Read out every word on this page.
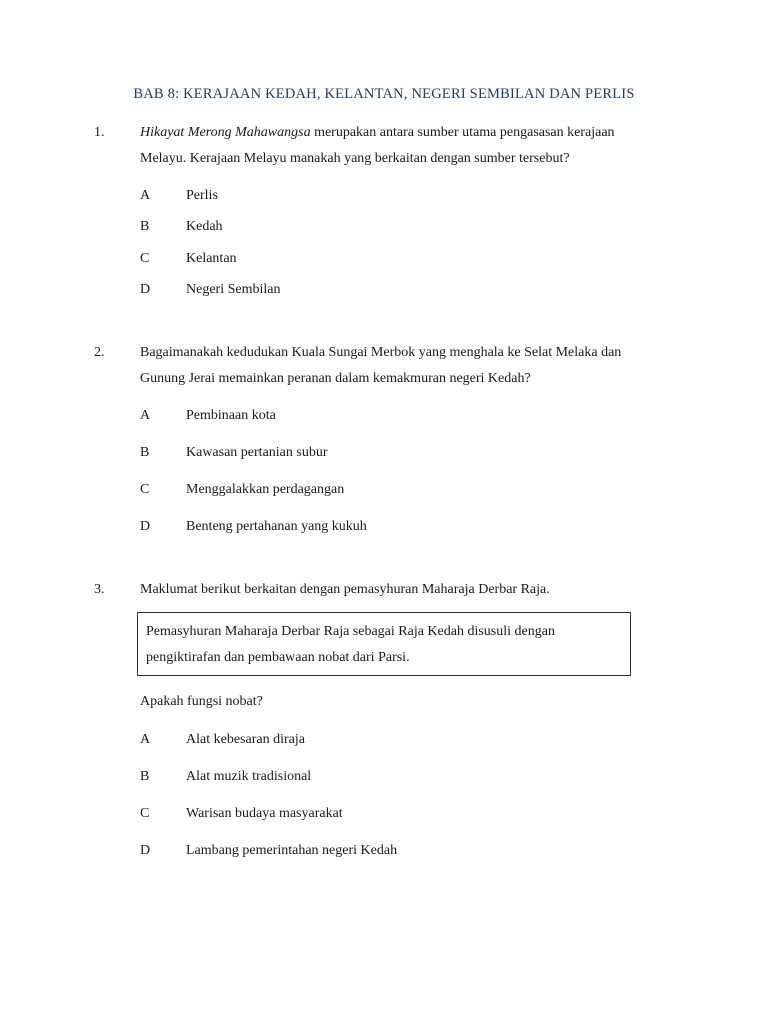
BAB 8: KERAJAAN KEDAH, KELANTAN, NEGERI SEMBILAN DAN PERLIS
1.	Hikayat Merong Mahawangsa merupakan antara sumber utama pengasasan kerajaan
Melayu. Kerajaan Melayu manakah yang berkaitan dengan sumber tersebut?
A	Perlis
B	Kedah
C	Kelantan
D	Negeri Sembilan
2.	Bagaimanakah kedudukan Kuala Sungai Merbok yang menghala ke Selat Melaka dan
Gunung Jerai memainkan peranan dalam kemakmuran negeri Kedah?
A	Pembinaan kota
B	Kawasan pertanian subur
C	Menggalakkan perdagangan
D	Benteng pertahanan yang kukuh
3.	Maklumat berikut berkaitan dengan pemasyhuran Maharaja Derbar Raja.
Pemasyhuran Maharaja Derbar Raja sebagai Raja Kedah disusuli dengan
pengiktirafan dan pembawaan nobat dari Parsi.
Apakah fungsi nobat?
A	Alat kebesaran diraja
B	Alat muzik tradisional
C	Warisan budaya masyarakat
D	Lambang pemerintahan negeri Kedah
